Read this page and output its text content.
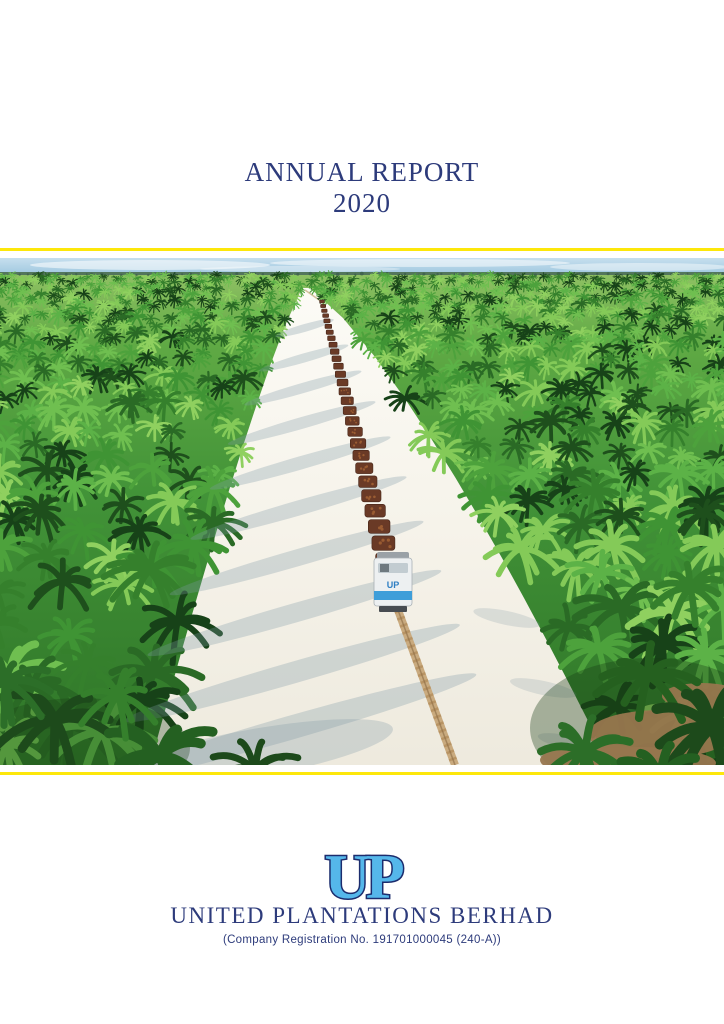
ANNUAL REPORT
2020
UP
UP
UNITED PLANTATIONS BERHAD
(Company Registration No. 191701000045 (240-A))
